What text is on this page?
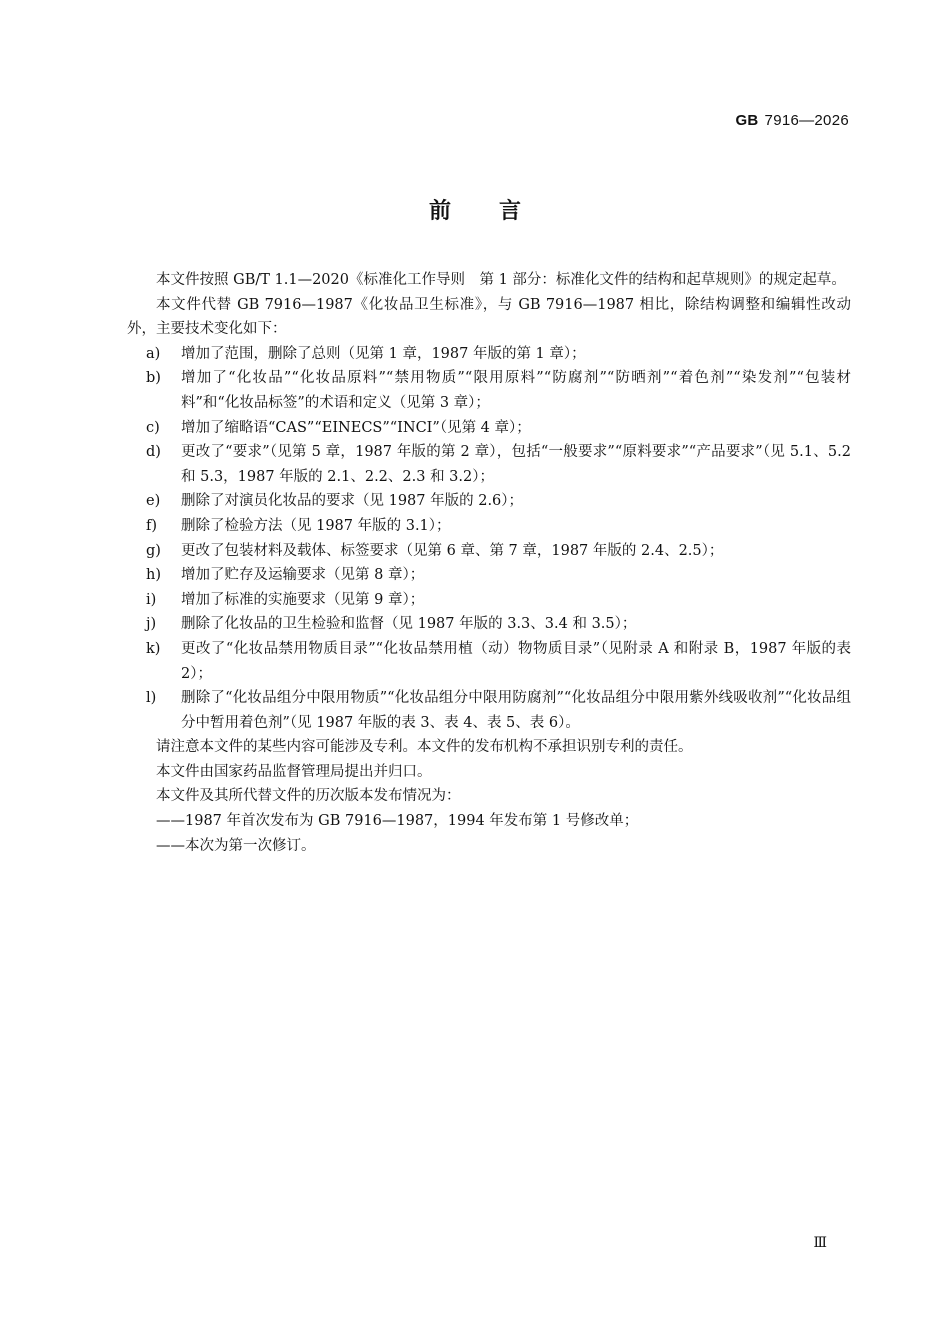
GB 7916—2026
前言
本文件按照 GB/T 1.1—2020《标准化工作导则　第 1 部分：标准化文件的结构和起草规则》的规定起草。
本文件代替 GB 7916—1987《化妆品卫生标准》，与 GB 7916—1987 相比，除结构调整和编辑性改动外，主要技术变化如下：
a)	增加了范围，删除了总则（见第 1 章，1987 年版的第 1 章）；
b)	增加了“化妆品”“化妆品原料”“禁用物质”“限用原料”“防腐剂”“防晒剂”“着色剂”“染发剂”“包装材料”和“化妆品标签”的术语和定义（见第 3 章）；
c)	增加了缩略语“CAS”“EINECS”“INCI”（见第 4 章）；
d)	更改了“要求”（见第 5 章，1987 年版的第 2 章），包括“一般要求”“原料要求”“产品要求”（见 5.1、5.2 和 5.3，1987 年版的 2.1、2.2、2.3 和 3.2）；
e)	删除了对演员化妆品的要求（见 1987 年版的 2.6）；
f)	删除了检验方法（见 1987 年版的 3.1）；
g)	更改了包装材料及载体、标签要求（见第 6 章、第 7 章，1987 年版的 2.4、2.5）；
h)	增加了贮存及运输要求（见第 8 章）；
i)	增加了标准的实施要求（见第 9 章）；
j)	删除了化妆品的卫生检验和监督（见 1987 年版的 3.3、3.4 和 3.5）；
k)	更改了“化妆品禁用物质目录”“化妆品禁用植（动）物物质目录”（见附录 A 和附录 B，1987 年版的表 2）；
l)	删除了“化妆品组分中限用物质”“化妆品组分中限用防腐剂”“化妆品组分中限用紫外线吸收剂”“化妆品组分中暂用着色剂”（见 1987 年版的表 3、表 4、表 5、表 6）。
请注意本文件的某些内容可能涉及专利。本文件的发布机构不承担识别专利的责任。
本文件由国家药品监督管理局提出并归口。
本文件及其所代替文件的历次版本发布情况为：
——1987 年首次发布为 GB 7916—1987，1994 年发布第 1 号修改单；
——本次为第一次修订。
Ⅲ
